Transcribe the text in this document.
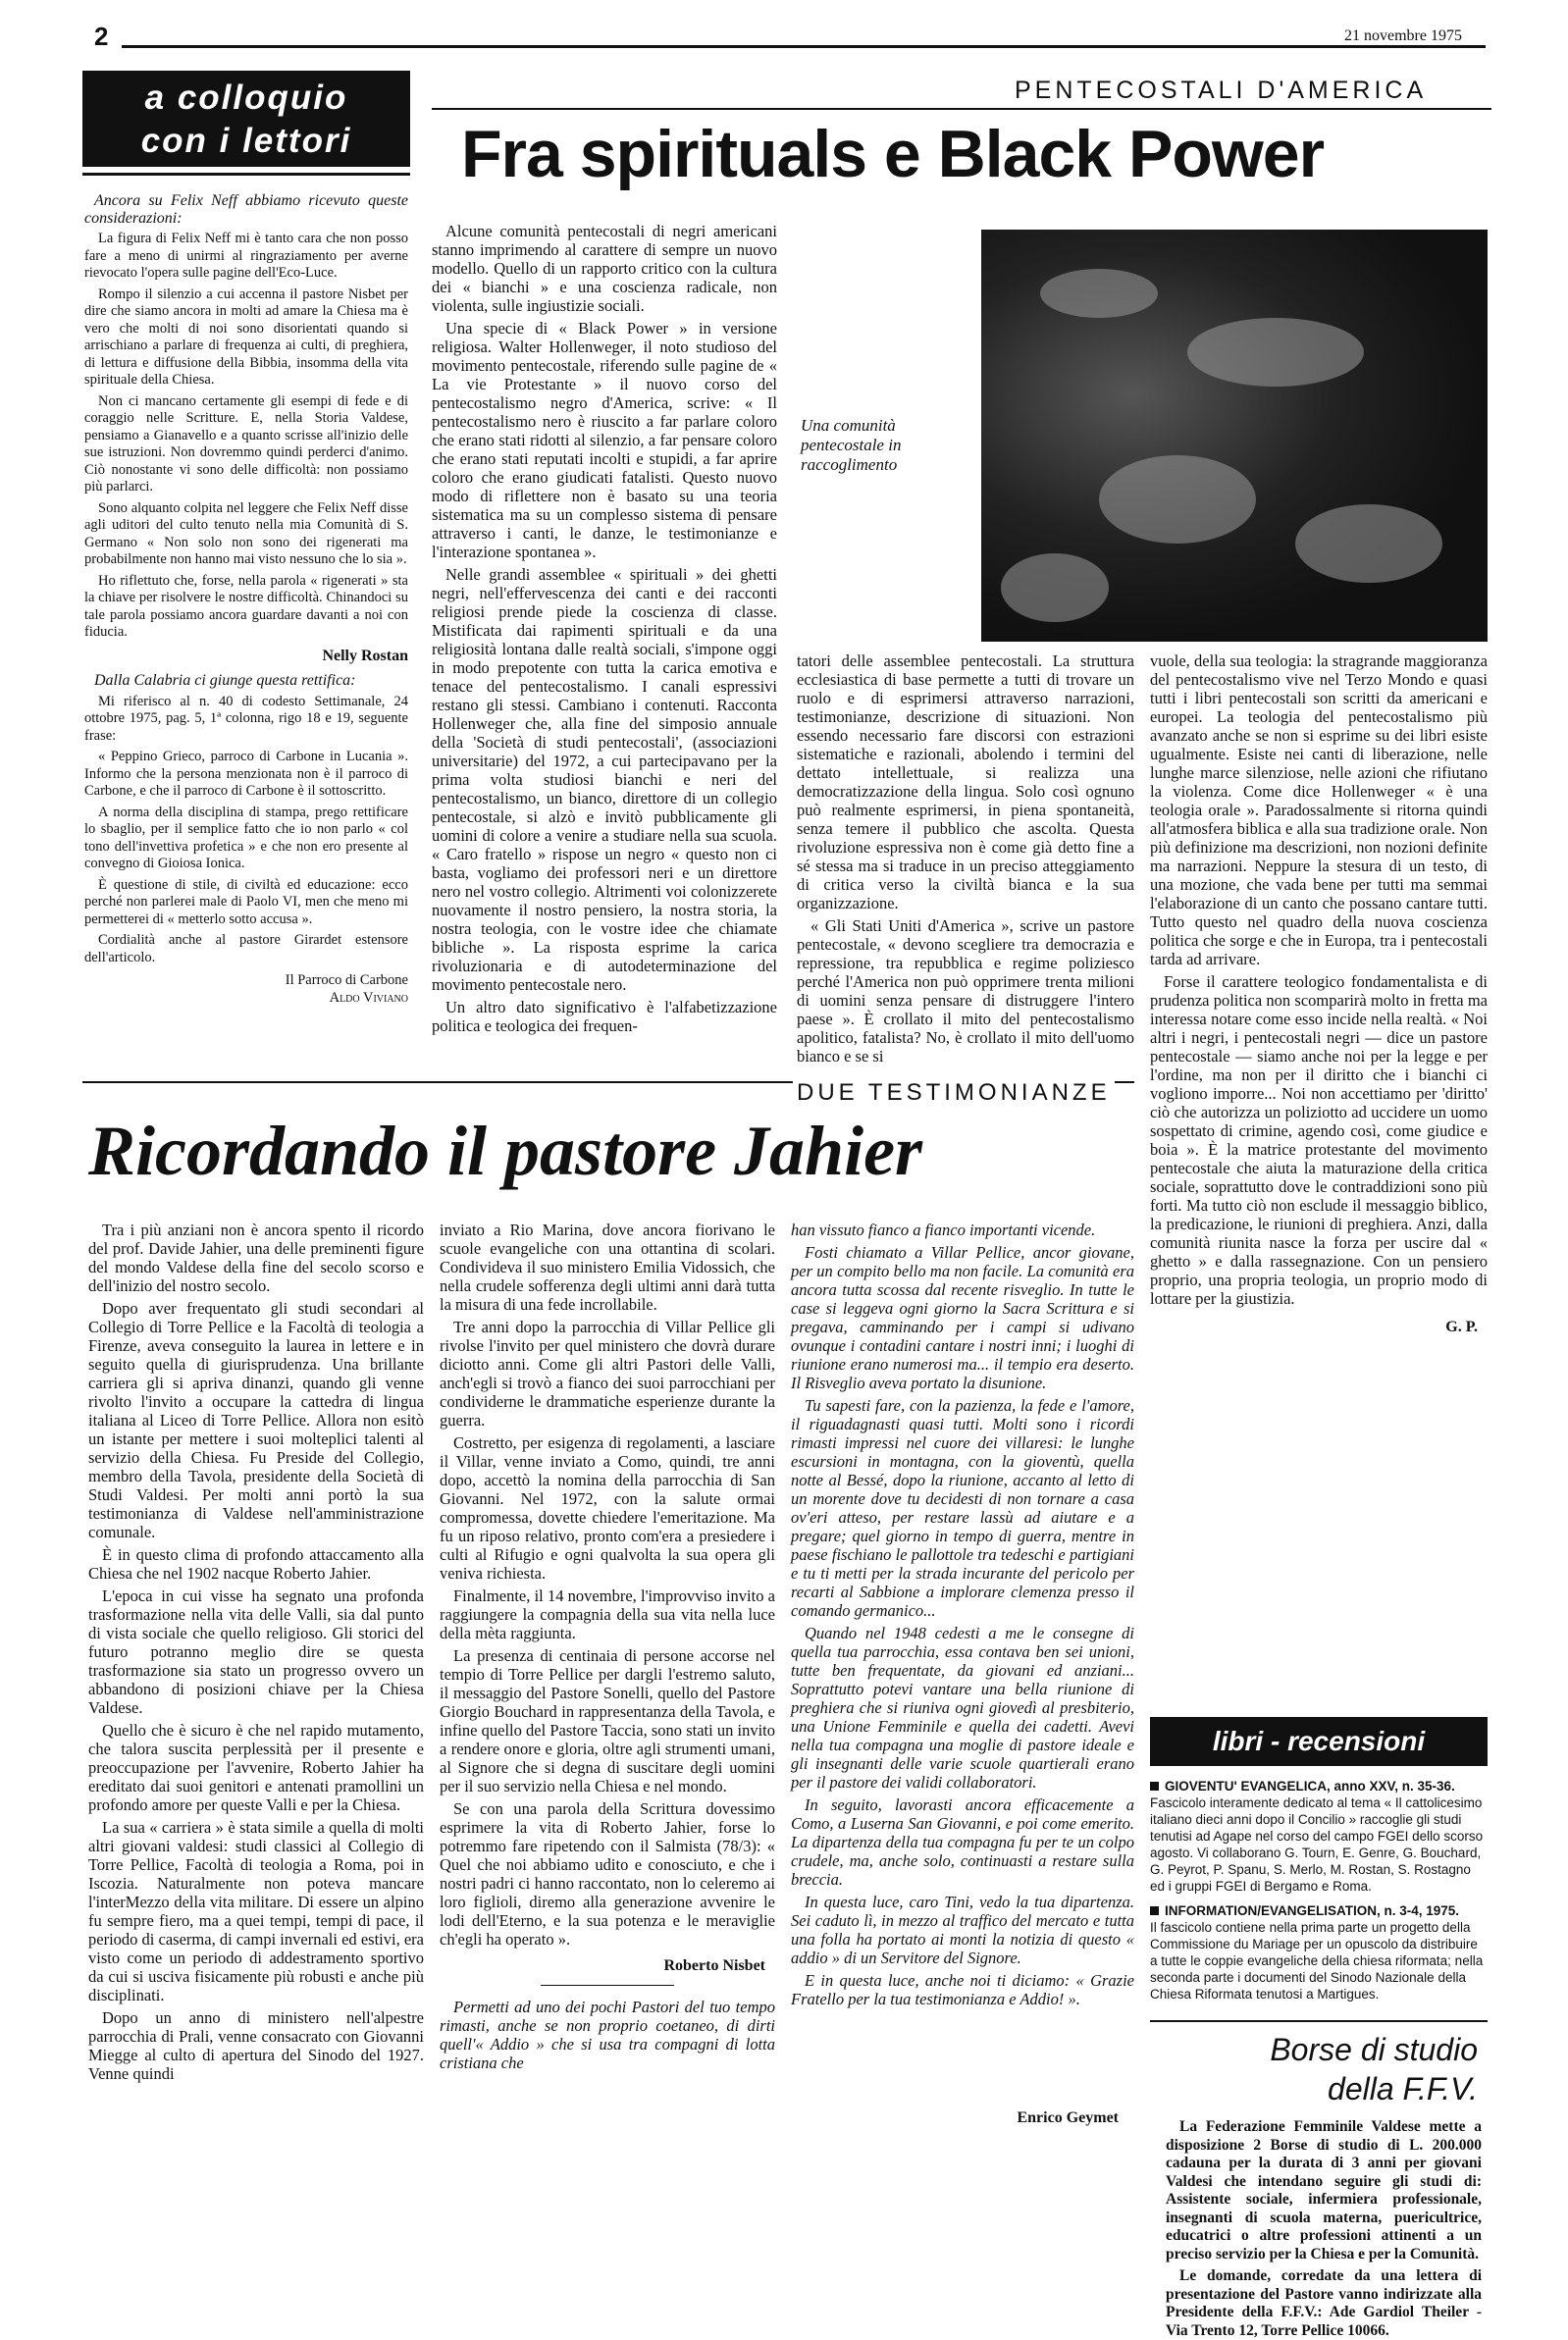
2	21 novembre 1975
a colloquio
con i lettori

Ancora su Felix Neff abbiamo ricevuto queste considerazioni:

La figura di Felix Neff mi è tanto cara che non posso fare a meno di unirmi al ringraziamento per averne rievocato l'opera sulle pagine dell'Eco-Luce.

Rompo il silenzio a cui accenna il pastore Nisbet per dire che siamo ancora in molti ad amare la Chiesa ma è vero che molti di noi sono disorientati quando si arrischiano a parlare di frequenza ai culti, di preghiera, di lettura e diffusione della Bibbia, insomma della vita spirituale della Chiesa.

Non ci mancano certamente gli esempi di fede e di coraggio nelle Scritture. E, nella Storia Valdese, pensiamo a Gianavello e a quanto scrisse all'inizio delle sue istruzioni. Non dovremmo quindi perderci d'animo. Ciò nonostante vi sono delle difficoltà: non possiamo più parlarci.

Sono alquanto colpita nel leggere che Felix Neff disse agli uditori del culto tenuto nella mia Comunità di S. Germano « Non solo non sono dei rigenerati ma probabilmente non hanno mai visto nessuno che lo sia ».

Ho riflettuto che, forse, nella parola « rigenerati » sta la chiave per risolvere le nostre difficoltà. Chinandoci su tale parola possiamo ancora guardare davanti a noi con fiducia.

Nelly Rostan

Dalla Calabria ci giunge questa rettifica:

Mi riferisco al n. 40 di codesto Settimanale, 24 ottobre 1975, pag. 5, 1ª colonna, rigo 18 e 19, seguente frase:

« Peppino Grieco, parroco di Carbone in Lucania ». Informo che la persona menzionata non è il parroco di Carbone, e che il parroco di Carbone è il sottoscritto.

A norma della disciplina di stampa, prego rettificare lo sbaglio, per il semplice fatto che io non parlo « col tono dell'invettiva profetica » e che non ero presente al convegno di Gioiosa Ionica.

È questione di stile, di civiltà ed educazione: ecco perché non parlerei male di Paolo VI, men che meno mi permetterei di « metterlo sotto accusa ».

Cordialità anche al pastore Girardet estensore dell'articolo.

Il Parroco di Carbone
Aldo Viviano
PENTECOSTALI D'AMERICA
Fra spirituals e Black Power

Alcune comunità pentecostali di negri americani stanno imprimendo al carattere di sempre un nuovo modello. Quello di un rapporto critico con la cultura dei « bianchi » e una coscienza radicale, non violenta, sulle ingiustizie sociali.

Una specie di « Black Power » in versione religiosa. Walter Hollenweger, il noto studioso del movimento pentecostale, riferendo sulle pagine de « La vie Protestante » il nuovo corso del pentecostalismo negro d'America, scrive: « Il pentecostalismo nero è riuscito a far parlare coloro che erano stati ridotti al silenzio, a far pensare coloro che erano stati reputati incolti e stupidi, a far aprire coloro che erano giudicati fatalisti. Questo nuovo modo di riflettere non è basato su una teoria sistematica ma su un complesso sistema di pensare attraverso i canti, le danze, le testimonianze e l'interazione spontanea ».

Nelle grandi assemblee « spirituali » dei ghetti negri, nell'effervescenza dei canti e dei racconti religiosi prende piede la coscienza di classe. Mistificata dai rapimenti spirituali e da una religiosità lontana dalle realtà sociali, s'impone oggi in modo prepotente con tutta la carica emotiva e tenace del pentecostalismo. I canali espressivi restano gli stessi. Cambiano i contenuti. Racconta Hollenweger che, alla fine del simposio annuale della 'Società di studi pentecostali', (associazioni universitarie) del 1972, a cui partecipavano per la prima volta studiosi bianchi e neri del pentecostalismo, un bianco, direttore di un collegio pentecostale, si alzò e invitò pubblicamente gli uomini di colore a venire a studiare nella sua scuola. « Caro fratello » rispose un negro « questo non ci basta, vogliamo dei professori neri e un direttore nero nel vostro collegio. Altrimenti voi colonizzerete nuovamente il nostro pensiero, la nostra storia, la nostra teologia, con le vostre idee che chiamate bibliche ». La risposta esprime la carica rivoluzionaria e di autodeterminazione del movimento pentecostale nero.

Un altro dato significativo è l'alfabetizzazione politica e teologica dei frequen-

Una comunità pentecostale in raccoglimento

tatori delle assemblee pentecostali. La struttura ecclesiastica di base permette a tutti di trovare un ruolo e di esprimersi attraverso narrazioni, testimonianze, descrizione di situazioni. Non essendo necessario fare discorsi con estrazioni sistematiche e razionali, abolendo i termini del dettato intellettuale, si realizza una democratizzazione della lingua. Solo così ognuno può realmente esprimersi, in piena spontaneità, senza temere il pubblico che ascolta. Questa rivoluzione espressiva non è come già detto fine a sé stessa ma si traduce in un preciso atteggiamento di critica verso la civiltà bianca e la sua organizzazione.

« Gli Stati Uniti d'America », scrive un pastore pentecostale, « devono scegliere tra democrazia e repressione, tra repubblica e regime poliziesco perché l'America non può opprimere trenta milioni di uomini senza pensare di distruggere l'intero paese ». È crollato il mito del pentecostalismo apolitico, fatalista? No, è crollato il mito dell'uomo bianco e se si

vuole, della sua teologia: la stragrande maggioranza del pentecostalismo vive nel Terzo Mondo e quasi tutti i libri pentecostali son scritti da americani e europei. La teologia del pentecostalismo più avanzato anche se non si esprime su dei libri esiste ugualmente. Esiste nei canti di liberazione, nelle lunghe marce silenziose, nelle azioni che rifiutano la violenza. Come dice Hollenweger « è una teologia orale ». Paradossalmente si ritorna quindi all'atmosfera biblica e alla sua tradizione orale. Non più definizione ma descrizioni, non nozioni definite ma narrazioni. Neppure la stesura di un testo, di una mozione, che vada bene per tutti ma semmai l'elaborazione di un canto che possano cantare tutti. Tutto questo nel quadro della nuova coscienza politica che sorge e che in Europa, tra i pentecostali tarda ad arrivare.

Forse il carattere teologico fondamentalista e di prudenza politica non scomparirà molto in fretta ma interessa notare come esso incide nella realtà. « Noi altri i negri, i pentecostali negri — dice un pastore pentecostale — siamo anche noi per la legge e per l'ordine, ma non per il diritto che i bianchi ci vogliono imporre... Noi non accettiamo per 'diritto' ciò che autorizza un poliziotto ad uccidere un uomo sospettato di crimine, agendo così, come giudice e boia ». È la matrice protestante del movimento pentecostale che aiuta la maturazione della critica sociale, soprattutto dove le contraddizioni sono più forti. Ma tutto ciò non esclude il messaggio biblico, la predicazione, le riunioni di preghiera. Anzi, dalla comunità riunita nasce la forza per uscire dal « ghetto » e dalla rassegnazione. Con un pensiero proprio, una propria teologia, un proprio modo di lottare per la giustizia.

G. P.
DUE TESTIMONIANZE
Ricordando il pastore Jahier

Tra i più anziani non è ancora spento il ricordo del prof. Davide Jahier, una delle preminenti figure del mondo Valdese della fine del secolo scorso e dell'inizio del nostro secolo.

Dopo aver frequentato gli studi secondari al Collegio di Torre Pellice e la Facoltà di teologia a Firenze, aveva conseguito la laurea in lettere e in seguito quella di giurisprudenza. Una brillante carriera gli si apriva dinanzi, quando gli venne rivolto l'invito a occupare la cattedra di lingua italiana al Liceo di Torre Pellice. Allora non esitò un istante per mettere i suoi molteplici talenti al servizio della Chiesa. Fu Preside del Collegio, membro della Tavola, presidente della Società di Studi Valdesi. Per molti anni portò la sua testimonianza di Valdese nell'amministrazione comunale.

È in questo clima di profondo attaccamento alla Chiesa che nel 1902 nacque Roberto Jahier.

L'epoca in cui visse ha segnato una profonda trasformazione nella vita delle Valli, sia dal punto di vista sociale che quello religioso. Gli storici del futuro potranno meglio dire se questa trasformazione sia stato un progresso ovvero un abbandono di posizioni chiave per la Chiesa Valdese.

Quello che è sicuro è che nel rapido mutamento, che talora suscita perplessità per il presente e preoccupazione per l'avvenire, Roberto Jahier ha ereditato dai suoi genitori e antenati pramollini un profondo amore per queste Valli e per la Chiesa.

La sua « carriera » è stata simile a quella di molti altri giovani valdesi: studi classici al Collegio di Torre Pellice, Facoltà di teologia a Roma, poi in Iscozia. Naturalmente non poteva mancare l'interMezzo della vita militare. Di essere un alpino fu sempre fiero, ma a quei tempi, tempi di pace, il periodo di caserma, di campi invernali ed estivi, era visto come un periodo di addestramento sportivo da cui si usciva fisicamente più robusti e anche più disciplinati.

Dopo un anno di ministero nell'alpestre parrocchia di Prali, venne consacrato con Giovanni Miegge al culto di apertura del Sinodo del 1927. Venne quindi

inviato a Rio Marina, dove ancora fiorivano le scuole evangeliche con una ottantina di scolari. Condivideva il suo ministero Emilia Vidossich, che nella crudele sofferenza degli ultimi anni darà tutta la misura di una fede incrollabile.

Tre anni dopo la parrocchia di Villar Pellice gli rivolse l'invito per quel ministero che dovrà durare diciotto anni. Come gli altri Pastori delle Valli, anch'egli si trovò a fianco dei suoi parrocchiani per condividerne le drammatiche esperienze durante la guerra.

Costretto, per esigenza di regolamenti, a lasciare il Villar, venne inviato a Como, quindi, tre anni dopo, accettò la nomina della parrocchia di San Giovanni. Nel 1972, con la salute ormai compromessa, dovette chiedere l'emeritazione. Ma fu un riposo relativo, pronto com'era a presiedere i culti al Rifugio e ogni qualvolta la sua opera gli veniva richiesta.

Finalmente, il 14 novembre, l'improvviso invito a raggiungere la compagnia della sua vita nella luce della mèta raggiunta.

La presenza di centinaia di persone accorse nel tempio di Torre Pellice per dargli l'estremo saluto, il messaggio del Pastore Sonelli, quello del Pastore Giorgio Bouchard in rappresentanza della Tavola, e infine quello del Pastore Taccia, sono stati un invito a rendere onore e gloria, oltre agli strumenti umani, al Signore che si degna di suscitare degli uomini per il suo servizio nella Chiesa e nel mondo.

Se con una parola della Scrittura dovessimo esprimere la vita di Roberto Jahier, forse lo potremmo fare ripetendo con il Salmista (78/3): « Quel che noi abbiamo udito e conosciuto, e che i nostri padri ci hanno raccontato, non lo celeremo ai loro figlioli, diremo alla generazione avvenire le lodi dell'Eterno, e la sua potenza e le meraviglie ch'egli ha operato ».

Roberto Nisbet

Permetti ad uno dei pochi Pastori del tuo tempo rimasti, anche se non proprio coetaneo, di dirti quell'« Addio » che si usa tra compagni di lotta cristiana che

han vissuto fianco a fianco importanti vicende.

Fosti chiamato a Villar Pellice, ancor giovane, per un compito bello ma non facile. La comunità era ancora tutta scossa dal recente risveglio. In tutte le case si leggeva ogni giorno la Sacra Scrittura e si pregava, camminando per i campi si udivano ovunque i contadini cantare i nostri inni; i luoghi di riunione erano numerosi ma... il tempio era deserto. Il Risveglio aveva portato la disunione.

Tu sapesti fare, con la pazienza, la fede e l'amore, il riguadagnasti quasi tutti. Molti sono i ricordi rimasti impressi nel cuore dei villaresi: le lunghe escursioni in montagna, con la gioventù, quella notte al Bessé, dopo la riunione, accanto al letto di un morente dove tu decidesti di non tornare a casa ov'eri atteso, per restare lassù ad aiutare e a pregare; quel giorno in tempo di guerra, mentre in paese fischiano le pallottole tra tedeschi e partigiani e tu ti metti per la strada incurante del pericolo per recarti al Sabbione a implorare clemenza presso il comando germanico...

Quando nel 1948 cedesti a me le consegne di quella tua parrocchia, essa contava ben sei unioni, tutte ben frequentate, da giovani ed anziani... Soprattutto potevi vantare una bella riunione di preghiera che si riuniva ogni giovedì al presbiterio, una Unione Femminile e quella dei cadetti. Avevi nella tua compagna una moglie di pastore ideale e gli insegnanti delle varie scuole quartierali erano per il pastore dei validi collaboratori.

In seguito, lavorasti ancora efficacemente a Como, a Luserna San Giovanni, e poi come emerito. La dipartenza della tua compagna fu per te un colpo crudele, ma, anche solo, continuasti a restare sulla breccia.

In questa luce, caro Tini, vedo la tua dipartenza. Sei caduto lì, in mezzo al traffico del mercato e tutta una folla ha portato ai monti la notizia di questo « addio » di un Servitore del Signore.

E in questa luce, anche noi ti diciamo: « Grazie Fratello per la tua testimonianza e Addio! ».

Enrico Geymet
libri - recensioni
GIOVENTU' EVANGELICA, anno XXV, n. 35-36.
Fascicolo interamente dedicato al tema « Il cattolicesimo italiano dieci anni dopo il Concilio » raccoglie gli studi tenutisi ad Agape nel corso del campo FGEI dello scorso agosto. Vi collaborano G. Tourn, E. Genre, G. Bouchard, G. Peyrot, P. Spanu, S. Merlo, M. Rostan, S. Rostagno ed i gruppi FGEI di Bergamo e Roma.
INFORMATION/EVANGELISATION, n. 3-4, 1975.
Il fascicolo contiene nella prima parte un progetto della Commissione du Mariage per un opuscolo da distribuire a tutte le coppie evangeliche della chiesa riformata; nella seconda parte i documenti del Sinodo Nazionale della Chiesa Riformata tenutosi a Martigues.
Borse di studio
della F.F.V.

La Federazione Femminile Valdese mette a disposizione 2 Borse di studio di L. 200.000 cadauna per la durata di 3 anni per giovani Valdesi che intendano seguire gli studi di: Assistente sociale, infermiera professionale, insegnanti di scuola materna, puericultrice, educatrici o altre professioni attinenti a un preciso servizio per la Chiesa e per la Comunità.

Le domande, corredate da una lettera di presentazione del Pastore vanno indirizzate alla Presidente della F.F.V.: Ade Gardiol Theiler - Via Trento 12, Torre Pellice 10066.
